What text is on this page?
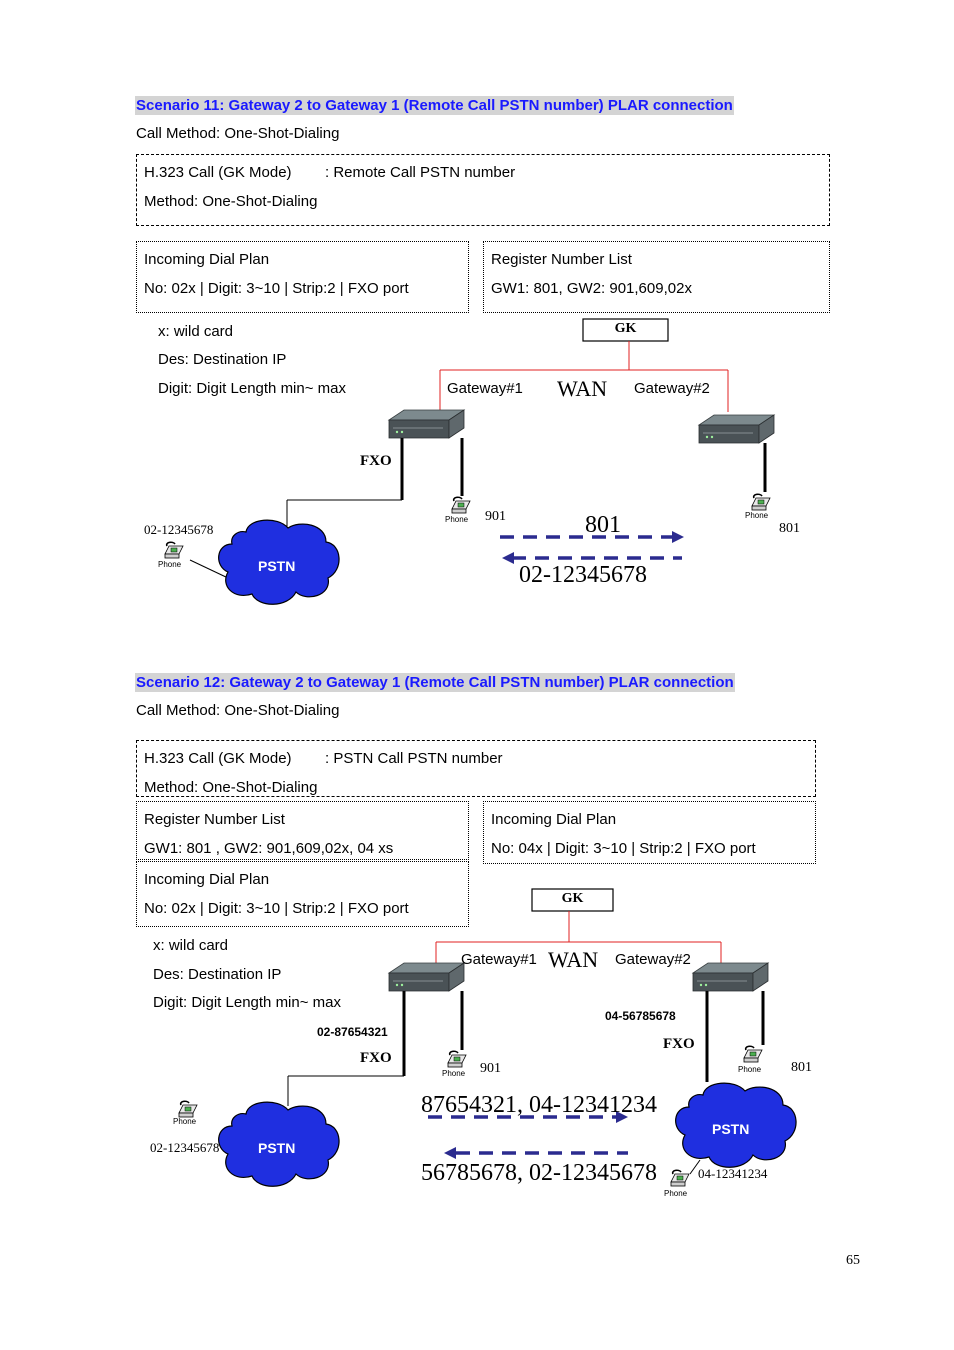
Scenario 11: Gateway 2 to Gateway 1 (Remote Call PSTN number) PLAR connection
Call Method: One-Shot-Dialing
H.323 Call (GK Mode) : Remote Call PSTN number
Method: One-Shot-Dialing
Incoming Dial Plan
No: 02x | Digit: 3~10 | Strip:2 | FXO port
Register Number List
GW1: 801, GW2: 901,609,02x
x: wild card
Des: Destination IP
Digit: Digit Length min~ max
GK
Gateway#1 WAN Gateway#2
FXO
Phone 901	Phone
801
02-12345678
Phone	PSTN
801
02-12345678
Scenario 12: Gateway 2 to Gateway 1 (Remote Call PSTN number) PLAR connection
Call Method: One-Shot-Dialing
H.323 Call (GK Mode) : PSTN Call PSTN number
Method: One-Shot-Dialing
Register Number List
GW1: 801 , GW2: 901,609,02x, 04 xs
Incoming Dial Plan
No: 04x | Digit: 3~10 | Strip:2 | FXO port
Incoming Dial Plan
No: 02x | Digit: 3~10 | Strip:2 | FXO port
x: wild card
Des: Destination IP
Digit: Digit Length min~ max
GK
Gateway#1 WAN Gateway#2
02-87654321
04-56785678
FXO
FXO
Phone 901	Phone 801
Phone
02-12345678	PSTN
PSTN
04-12341234
Phone
87654321, 04-12341234
56785678, 02-12345678
65
